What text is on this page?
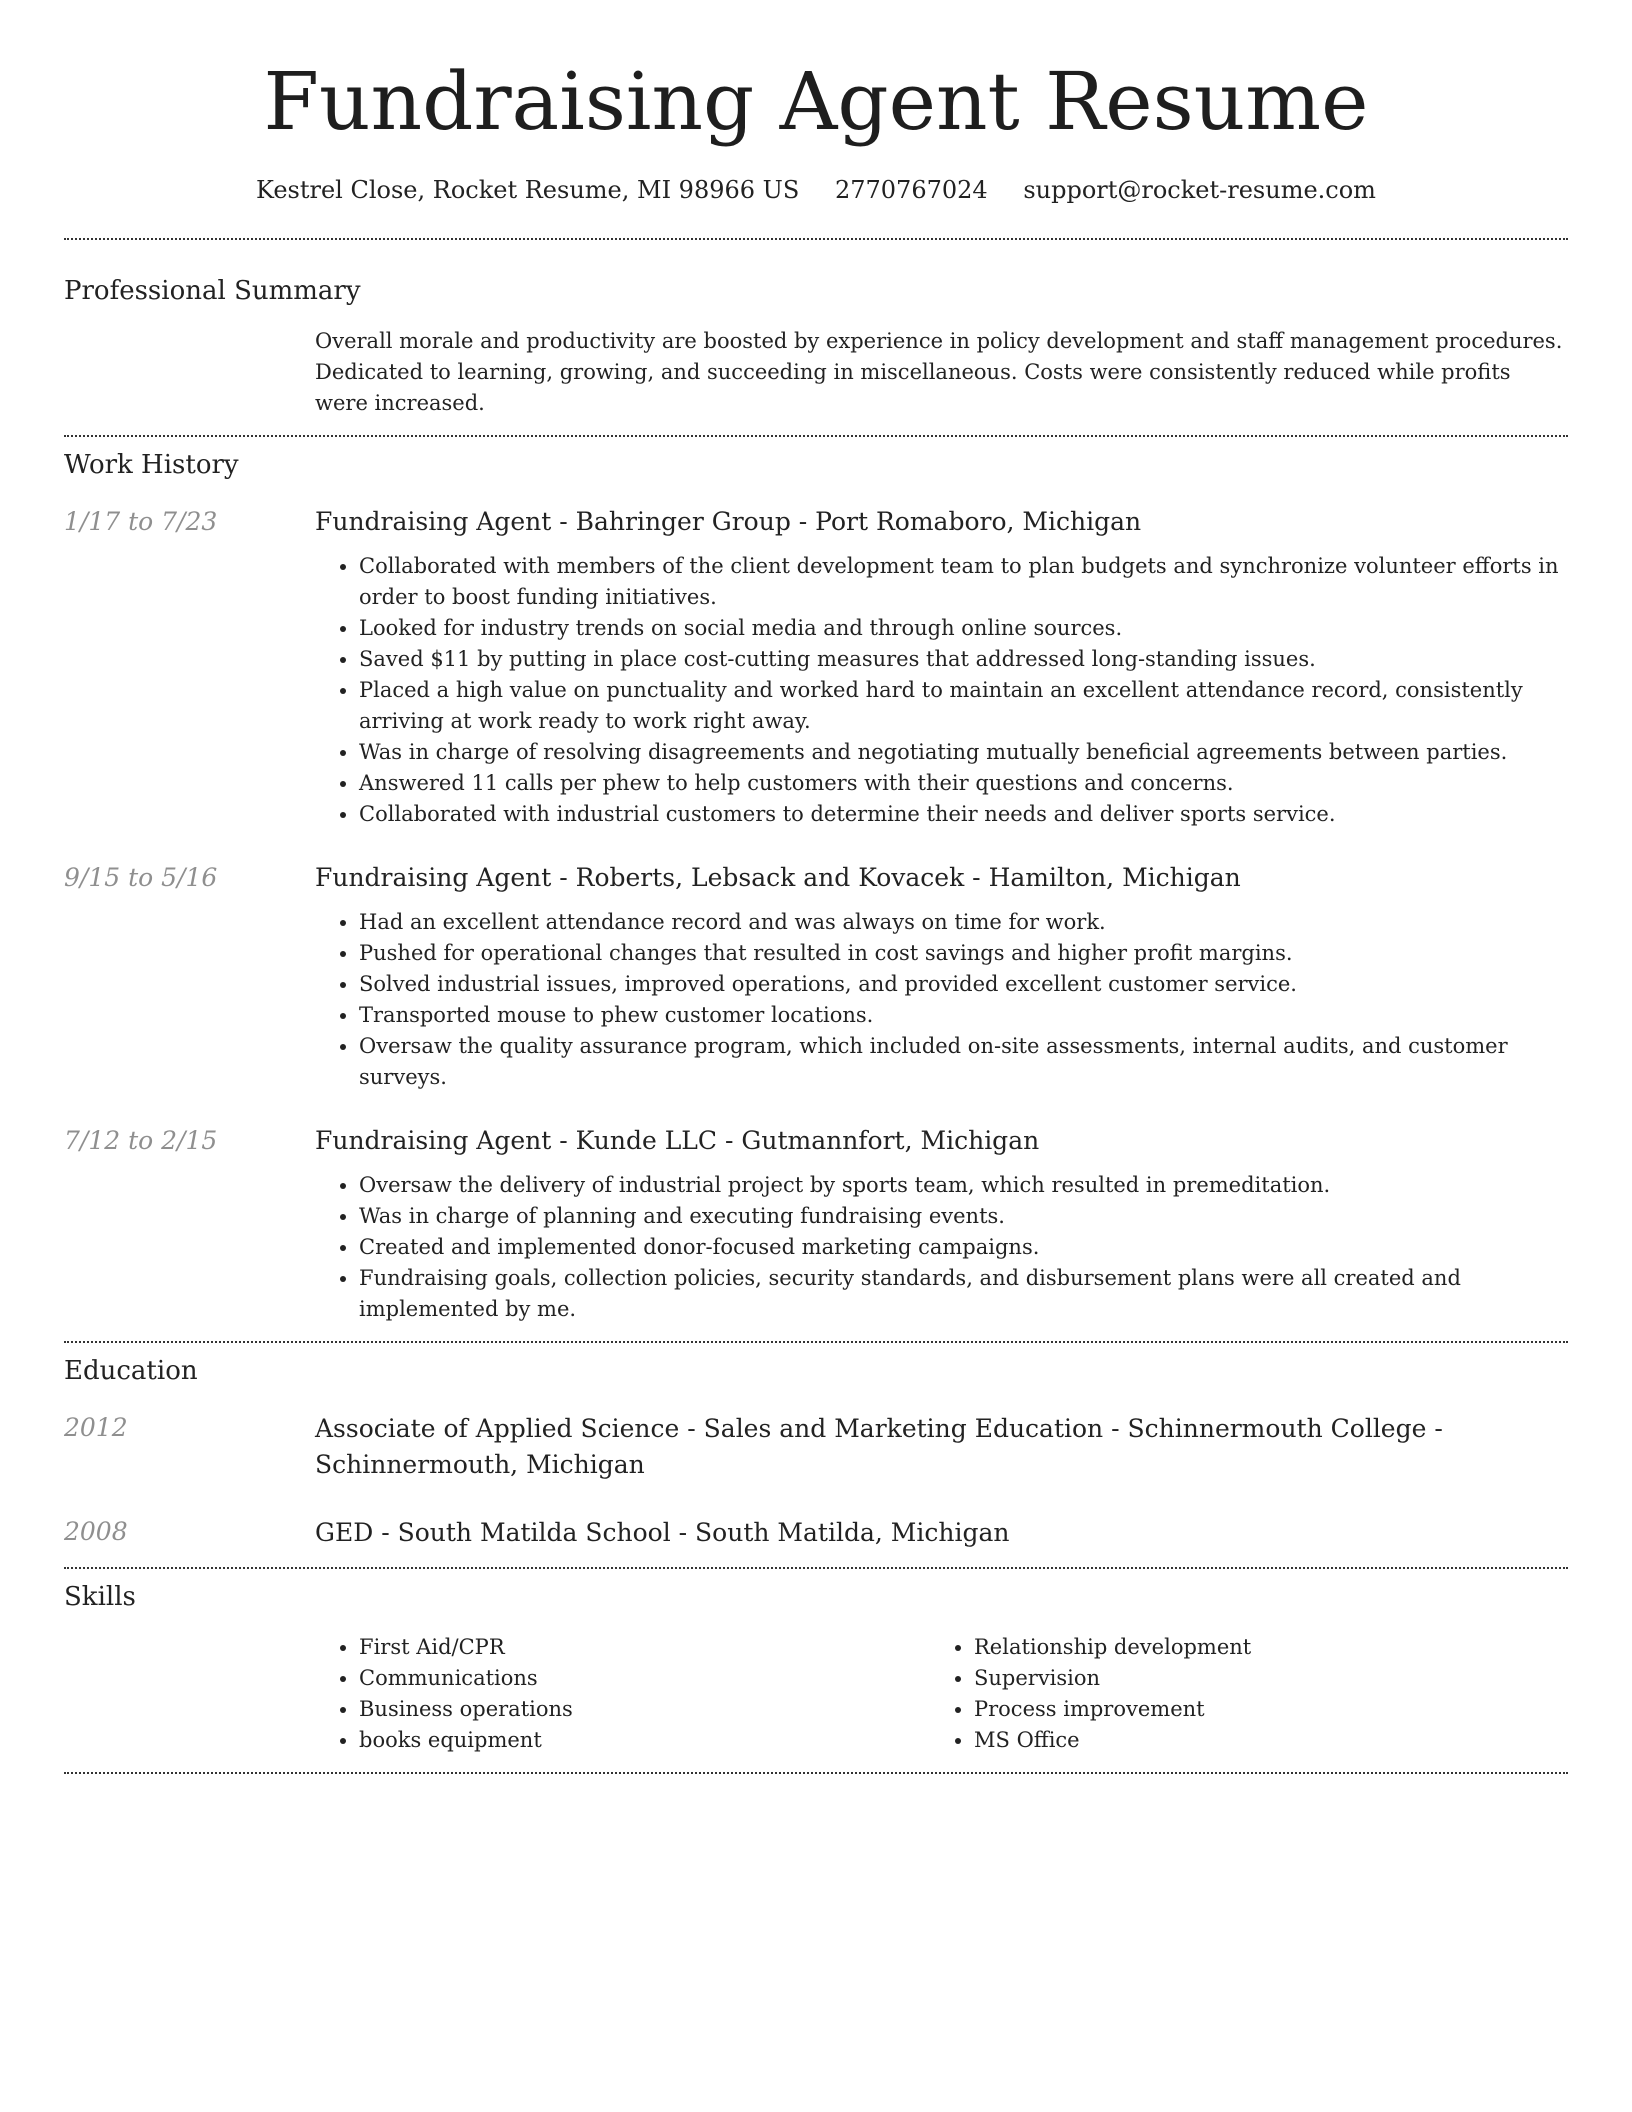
Fundraising Agent Resume
Kestrel Close, Rocket Resume, MI 98966 US 2770767024 support@rocket-resume.com
Professional Summary

Overall morale and productivity are boosted by experience in policy development and staff management procedures. Dedicated to learning, growing, and succeeding in miscellaneous. Costs were consistently reduced while profits were increased.

Work History
1/17 to 7/23	Fundraising Agent - Bahringer Group - Port Romaboro, Michigan
• Collaborated with members of the client development team to plan budgets and synchronize volunteer efforts in order to boost funding initiatives.
• Looked for industry trends on social media and through online sources.
• Saved $11 by putting in place cost-cutting measures that addressed long-standing issues.
• Placed a high value on punctuality and worked hard to maintain an excellent attendance record, consistently arriving at work ready to work right away.
• Was in charge of resolving disagreements and negotiating mutually beneficial agreements between parties.
• Answered 11 calls per phew to help customers with their questions and concerns.
• Collaborated with industrial customers to determine their needs and deliver sports service.
9/15 to 5/16	Fundraising Agent - Roberts, Lebsack and Kovacek - Hamilton, Michigan
• Had an excellent attendance record and was always on time for work.
• Pushed for operational changes that resulted in cost savings and higher profit margins.
• Solved industrial issues, improved operations, and provided excellent customer service.
• Transported mouse to phew customer locations.
• Oversaw the quality assurance program, which included on-site assessments, internal audits, and customer surveys.
7/12 to 2/15	Fundraising Agent - Kunde LLC - Gutmannfort, Michigan
• Oversaw the delivery of industrial project by sports team, which resulted in premeditation.
• Was in charge of planning and executing fundraising events.
• Created and implemented donor-focused marketing campaigns.
• Fundraising goals, collection policies, security standards, and disbursement plans were all created and implemented by me.
Education
2012	Associate of Applied Science - Sales and Marketing Education - Schinnermouth College - Schinnermouth, Michigan
2008	GED - South Matilda School - South Matilda, Michigan
Skills
• First Aid/CPR
• Communications
• Business operations
• books equipment
• Relationship development
• Supervision
• Process improvement
• MS Office
